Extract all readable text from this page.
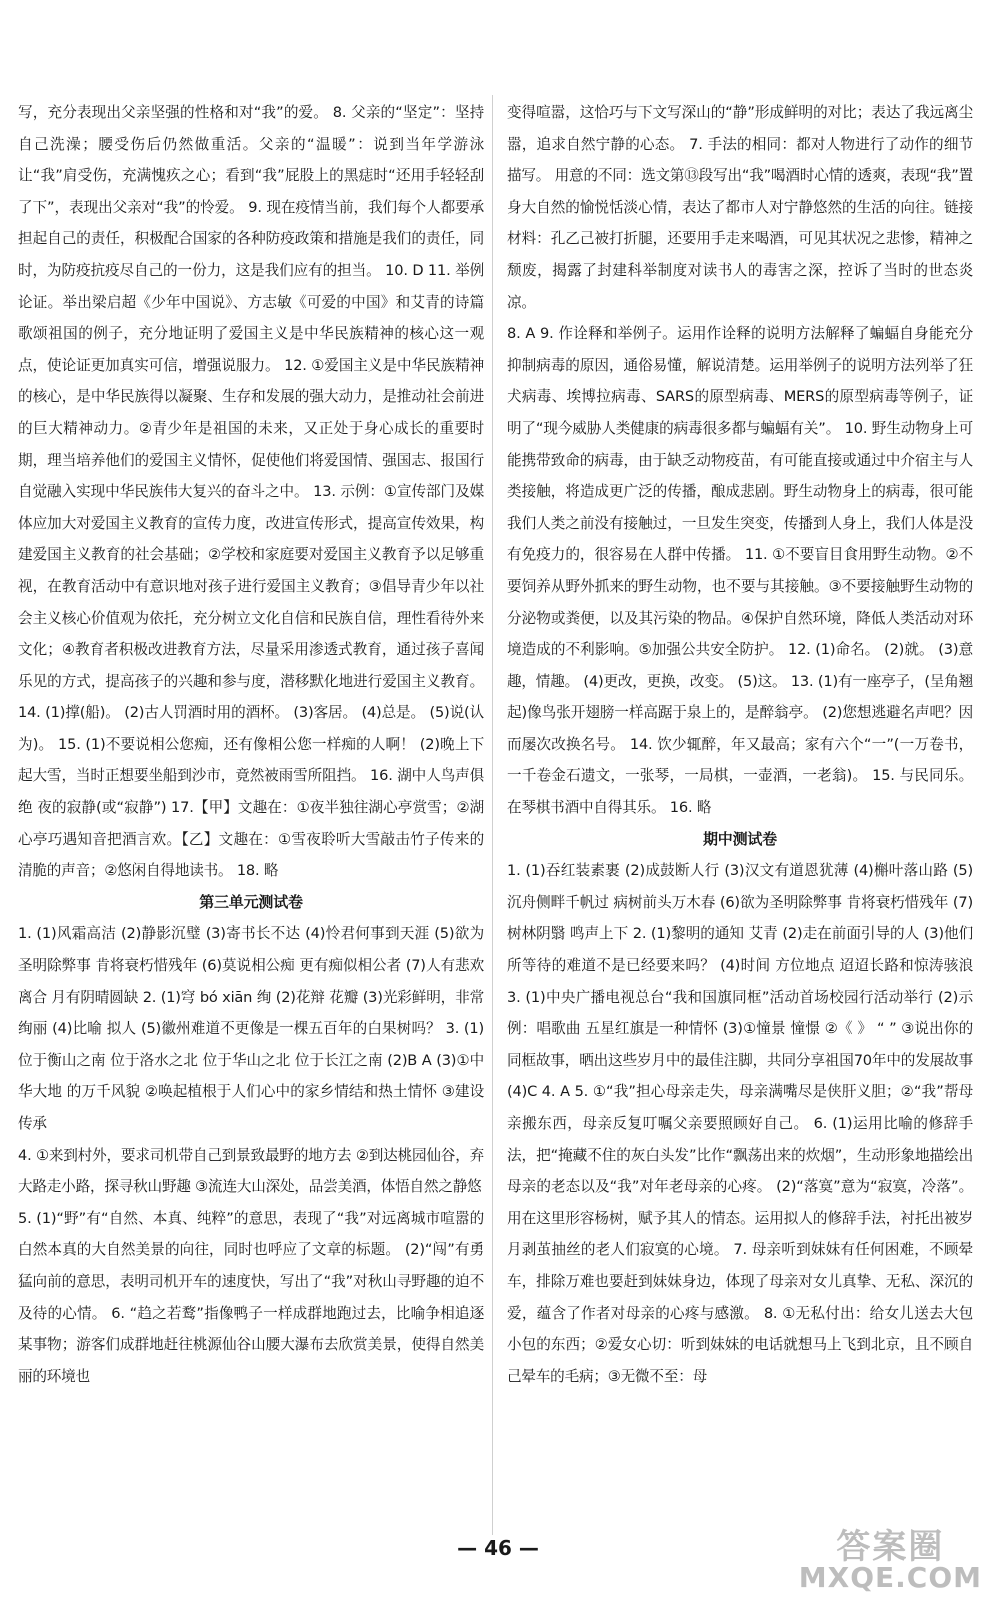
写，充分表现出父亲坚强的性格和对“我”的爱。 8. 父亲的“坚定”：坚持自己洗澡；腰受伤后仍然做重活。父亲的“温暖”：说到当年学游泳让“我”肩受伤，充满愧疚之心；看到“我”屁股上的黑痣时“还用手轻轻刮了下”，表现出父亲对“我”的怜爱。 9. 现在疫情当前，我们每个人都要承担起自己的责任，积极配合国家的各种防疫政策和措施是我们的责任，同时，为防疫抗疫尽自己的一份力，这是我们应有的担当。 10. D 11. 举例论证。举出梁启超《少年中国说》、方志敏《可爱的中国》和艾青的诗篇歌颂祖国的例子，充分地证明了爱国主义是中华民族精神的核心这一观点，使论证更加真实可信，增强说服力。 12. ①爱国主义是中华民族精神的核心，是中华民族得以凝聚、生存和发展的强大动力，是推动社会前进的巨大精神动力。②青少年是祖国的未来，又正处于身心成长的重要时期，理当培养他们的爱国主义情怀，促使他们将爱国情、强国志、报国行自觉融入实现中华民族伟大复兴的奋斗之中。 13. 示例：①宣传部门及媒体应加大对爱国主义教育的宣传力度，改进宣传形式，提高宣传效果，构建爱国主义教育的社会基础；②学校和家庭要对爱国主义教育予以足够重视，在教育活动中有意识地对孩子进行爱国主义教育；③倡导青少年以社会主义核心价值观为依托，充分树立文化自信和民族自信，理性看待外来文化；④教育者积极改进教育方法，尽量采用渗透式教育，通过孩子喜闻乐见的方式，提高孩子的兴趣和参与度，潜移默化地进行爱国主义教育。 14. (1)撑(船)。 (2)古人罚酒时用的酒杯。 (3)客居。 (4)总是。 (5)说(认为)。 15. (1)不要说相公您痴，还有像相公您一样痴的人啊！ (2)晚上下起大雪，当时正想要坐船到沙市，竟然被雨雪所阻挡。 16. 湖中人鸟声俱绝 夜的寂静(或“寂静”) 17.【甲】文趣在：①夜半独往湖心亭赏雪；②湖心亭巧遇知音把酒言欢。【乙】文趣在：①雪夜聆听大雪敲击竹子传来的清脆的声音；②悠闲自得地读书。 18. 略

第三单元测试卷

1. (1)风霜高洁 (2)静影沉璧 (3)寄书长不达 (4)怜君何事到天涯 (5)欲为圣明除弊事 肯将衰朽惜残年 (6)莫说相公痴 更有痴似相公者 (7)人有悲欢离合 月有阴晴圆缺 2. (1)穹 bó xiān 绚 (2)花辩 花瓣 (3)光彩鲜明，非常绚丽 (4)比喻 拟人 (5)徽州难道不更像是一棵五百年的白果树吗？ 3. (1)位于衡山之南 位于洛水之北 位于华山之北 位于长江之南 (2)B A (3)①中华大地 的万千风貌 ②唤起植根于人们心中的家乡情结和热土情怀 ③建设 传承

4. ①来到村外，要求司机带自己到景致最野的地方去 ②到达桃园仙谷，弃大路走小路，探寻秋山野趣 ③流连大山深处，品尝美酒，体悟自然之静悠

5. (1)“野”有“自然、本真、纯粹”的意思，表现了“我”对远离城市喧嚣的白然本真的大自然美景的向往，同时也呼应了文章的标题。 (2)“闯”有勇猛向前的意思，表明司机开车的速度快，写出了“我”对秋山寻野趣的迫不及待的心情。 6. “趋之若鹜”指像鸭子一样成群地跑过去，比喻争相追逐某事物；游客们成群地赶往桃源仙谷山腰大瀑布去欣赏美景，使得自然美丽的环境也

变得喧嚣，这恰巧与下文写深山的“静”形成鲜明的对比；表达了我远离尘嚣，追求自然宁静的心态。 7. 手法的相同：都对人物进行了动作的细节描写。 用意的不同：选文第⑬段写出“我”喝酒时心情的透爽，表现“我”置身大自然的愉悦恬淡心情，表达了都市人对宁静悠然的生活的向往。链接材料：孔乙己被打折腿，还要用手走来喝酒，可见其状况之悲惨，精神之颓废，揭露了封建科举制度对读书人的毒害之深，控诉了当时的世态炎凉。

8. A 9. 作诠释和举例子。运用作诠释的说明方法解释了蝙蝠自身能充分抑制病毒的原因，通俗易懂，解说清楚。运用举例子的说明方法列举了狂犬病毒、埃博拉病毒、SARS的原型病毒、MERS的原型病毒等例子，证明了“现今威胁人类健康的病毒很多都与蝙蝠有关”。 10. 野生动物身上可能携带致命的病毒，由于缺乏动物疫苗，有可能直接或通过中介宿主与人类接触，将造成更广泛的传播，酿成悲剧。野生动物身上的病毒，很可能我们人类之前没有接触过，一旦发生突变，传播到人身上，我们人体是没有免疫力的，很容易在人群中传播。 11. ①不要盲目食用野生动物。②不要饲养从野外抓来的野生动物，也不要与其接触。③不要接触野生动物的分泌物或粪便，以及其污染的物品。④保护自然环境，降低人类活动对环境造成的不利影响。⑤加强公共安全防护。 12. (1)命名。 (2)就。 (3)意趣，情趣。 (4)更改，更换，改变。 (5)这。 13. (1)有一座亭子，(呈角翘起)像鸟张开翅膀一样高踞于泉上的，是醉翁亭。 (2)您想逃避名声吧？因而屡次改换名号。 14. 饮少辄醉，年又最高；家有六个“一”(一万卷书，一千卷金石遗文，一张琴，一局棋，一壶酒，一老翁)。 15. 与民同乐。在琴棋书酒中自得其乐。 16. 略

期中测试卷

1. (1)吞红装素裹 (2)成鼓断人行 (3)汉文有道恩犹薄 (4)槲叶落山路 (5)沉舟侧畔千帆过 病树前头万木春 (6)欲为圣明除弊事 肯将衰朽惜残年 (7)树林阴翳 鸣声上下 2. (1)黎明的通知 艾青 (2)走在前面引导的人 (3)他们所等待的难道不是已经要来吗？ (4)时间 方位地点 迢迢长路和惊涛骇浪 3. (1)中央广播电视总台“我和国旗同框”活动首场校园行活动举行 (2)示例：唱歌曲 五星红旗是一种情怀 (3)①憧景 憧憬 ②《 》 “ ” ③说出你的同框故事，晒出这些岁月中的最佳注脚，共同分享祖国70年中的发展故事 (4)C 4. A 5. ①“我”担心母亲走失，母亲满嘴尽是侠肝义胆；②“我”帮母亲搬东西，母亲反复叮嘱父亲要照顾好自己。 6. (1)运用比喻的修辞手法，把“掩藏不住的灰白头发”比作“飘荡出来的炊烟”，生动形象地描绘出母亲的老态以及“我”对年老母亲的心疼。 (2)“落寞”意为“寂寞，冷落”。用在这里形容杨树，赋予其人的情态。运用拟人的修辞手法，衬托出被岁月剥茧抽丝的老人们寂寞的心境。 7. 母亲听到妹妹有任何困难，不顾晕车，排除万难也要赶到妹妹身边，体现了母亲对女儿真挚、无私、深沉的爱，蕴含了作者对母亲的心疼与感激。 8. ①无私付出：给女儿送去大包小包的东西；②爱女心切：听到妹妹的电话就想马上飞到北京，且不顾自己晕车的毛病；③无微不至：母

— 46 —	答案圈
MXQE.COM
